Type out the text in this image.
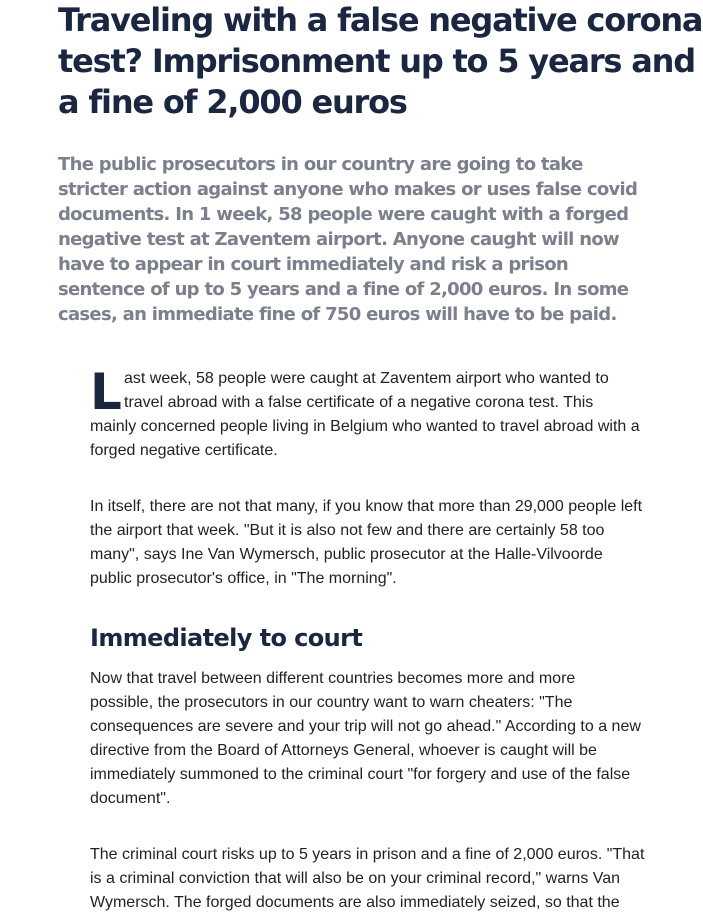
Traveling with a false negative corona
test? Imprisonment up to 5 years and
a fine of 2,000 euros

The public prosecutors in our country are going to take
stricter action against anyone who makes or uses false covid
documents. In 1 week, 58 people were caught with a forged
negative test at Zaventem airport. Anyone caught will now
have to appear in court immediately and risk a prison
sentence of up to 5 years and a fine of 2,000 euros. In some
cases, an immediate fine of 750 euros will have to be paid.

L ast week, 58 people were caught at Zaventem airport who wanted to
travel abroad with a false certificate of a negative corona test. This
mainly concerned people living in Belgium who wanted to travel abroad with a
forged negative certificate.

In itself, there are not that many, if you know that more than 29,000 people left
the airport that week. "But it is also not few and there are certainly 58 too
many", says Ine Van Wymersch, public prosecutor at the Halle-Vilvoorde
public prosecutor's office, in "The morning".

Immediately to court

Now that travel between different countries becomes more and more
possible, the prosecutors in our country want to warn cheaters: "The
consequences are severe and your trip will not go ahead." According to a new
directive from the Board of Attorneys General, whoever is caught will be
immediately summoned to the criminal court "for forgery and use of the false
document".

The criminal court risks up to 5 years in prison and a fine of 2,000 euros. "That
is a criminal conviction that will also be on your criminal record," warns Van
Wymersch. The forged documents are also immediately seized, so that the
